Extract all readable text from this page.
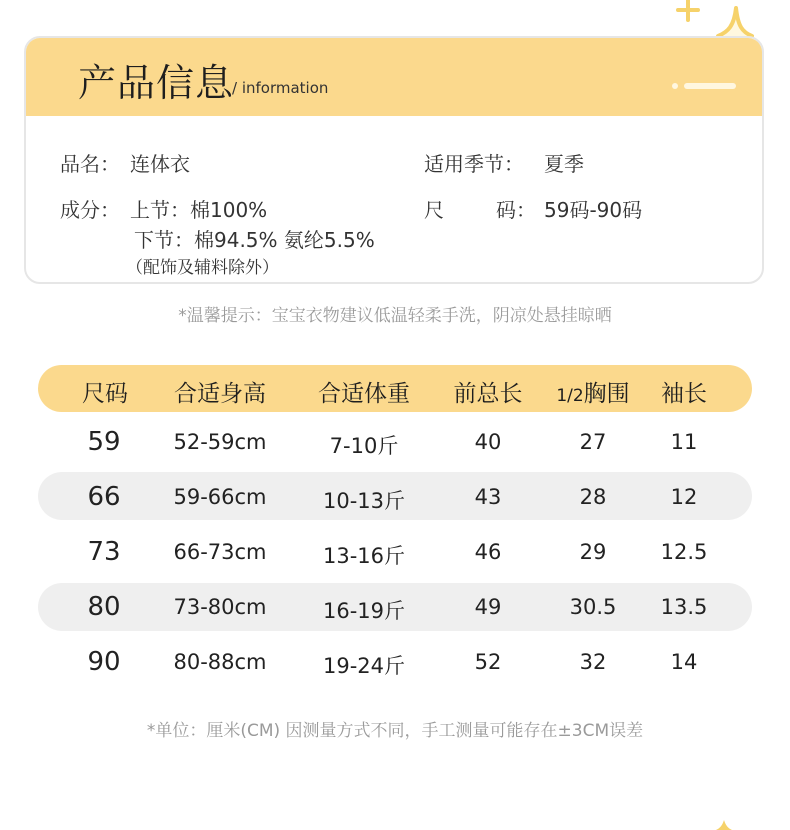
产品信息
/ information
品名： 连体衣	适用季节： 夏季
成分： 上节：棉100%
下节：棉94.5% 氨纶5.5%
（配饰及辅料除外）
尺	码： 59码-90码
*温馨提示：宝宝衣物建议低温轻柔手洗，阴凉处悬挂晾晒
尺码 合适身高 合适体重 前总长 1/2胸围 袖长
59	52-59cm	7-10斤	40	27	11
66	59-66cm	10-13斤	43	28	12
73	66-73cm	13-16斤	46	29	12.5
80	73-80cm	16-19斤	49	30.5 13.5
90	80-88cm	19-24斤	52	32	14
*单位：厘米(CM) 因测量方式不同，手工测量可能存在±3CM误差
